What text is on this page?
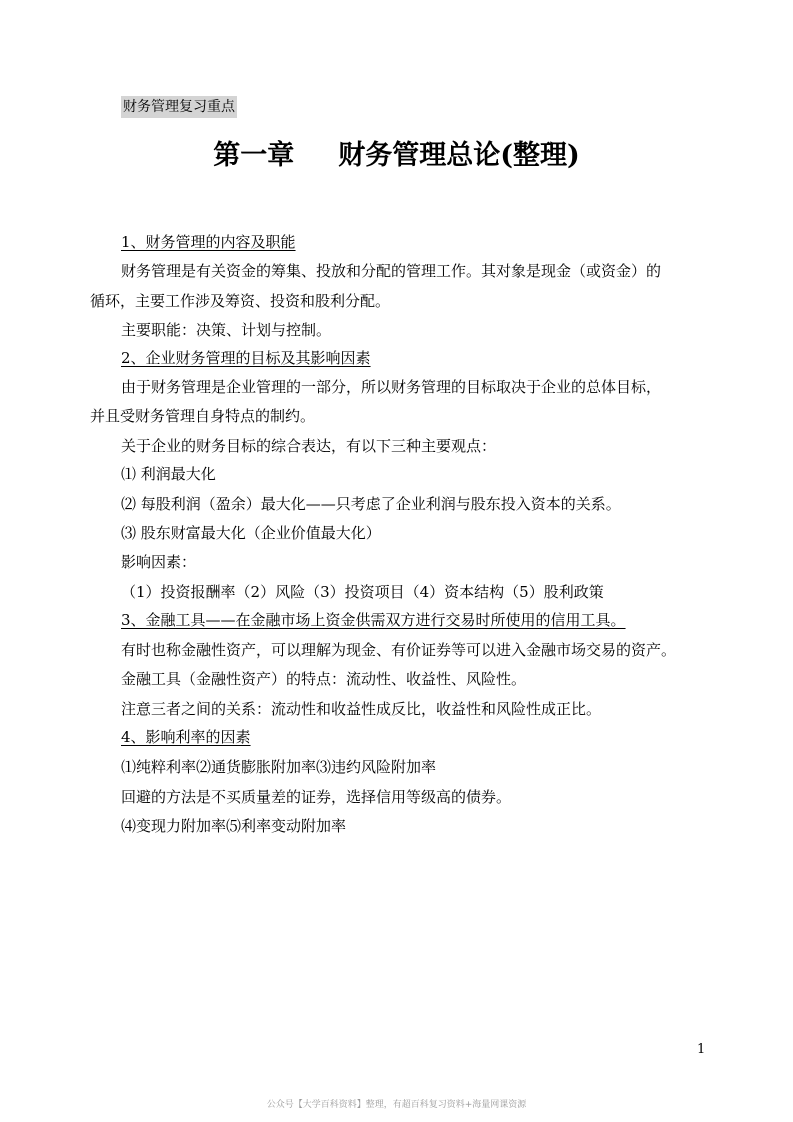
财务管理复习重点
第一章 财务管理总论(整理)
1、财务管理的内容及职能
财务管理是有关资金的筹集、投放和分配的管理工作。其对象是现金（或资金）的
循环，主要工作涉及筹资、投资和股利分配。
主要职能：决策、计划与控制。
2、企业财务管理的目标及其影响因素
由于财务管理是企业管理的一部分，所以财务管理的目标取决于企业的总体目标，
并且受财务管理自身特点的制约。
关于企业的财务目标的综合表达，有以下三种主要观点：
⑴ 利润最大化
⑵ 每股利润（盈余）最大化——只考虑了企业利润与股东投入资本的关系。
⑶ 股东财富最大化（企业价值最大化）
影响因素：
（1）投资报酬率（2）风险（3）投资项目（4）资本结构（5）股利政策
3、金融工具——在金融市场上资金供需双方进行交易时所使用的信用工具。
有时也称金融性资产，可以理解为现金、有价证券等可以进入金融市场交易的资产。
金融工具（金融性资产）的特点：流动性、收益性、风险性。
注意三者之间的关系：流动性和收益性成反比，收益性和风险性成正比。
4、影响利率的因素
⑴纯粹利率⑵通货膨胀附加率⑶违约风险附加率
回避的方法是不买质量差的证券，选择信用等级高的债券。
⑷变现力附加率⑸利率变动附加率
1
公众号【大学百科资料】整理，有超百科复习资料+海量网课资源
